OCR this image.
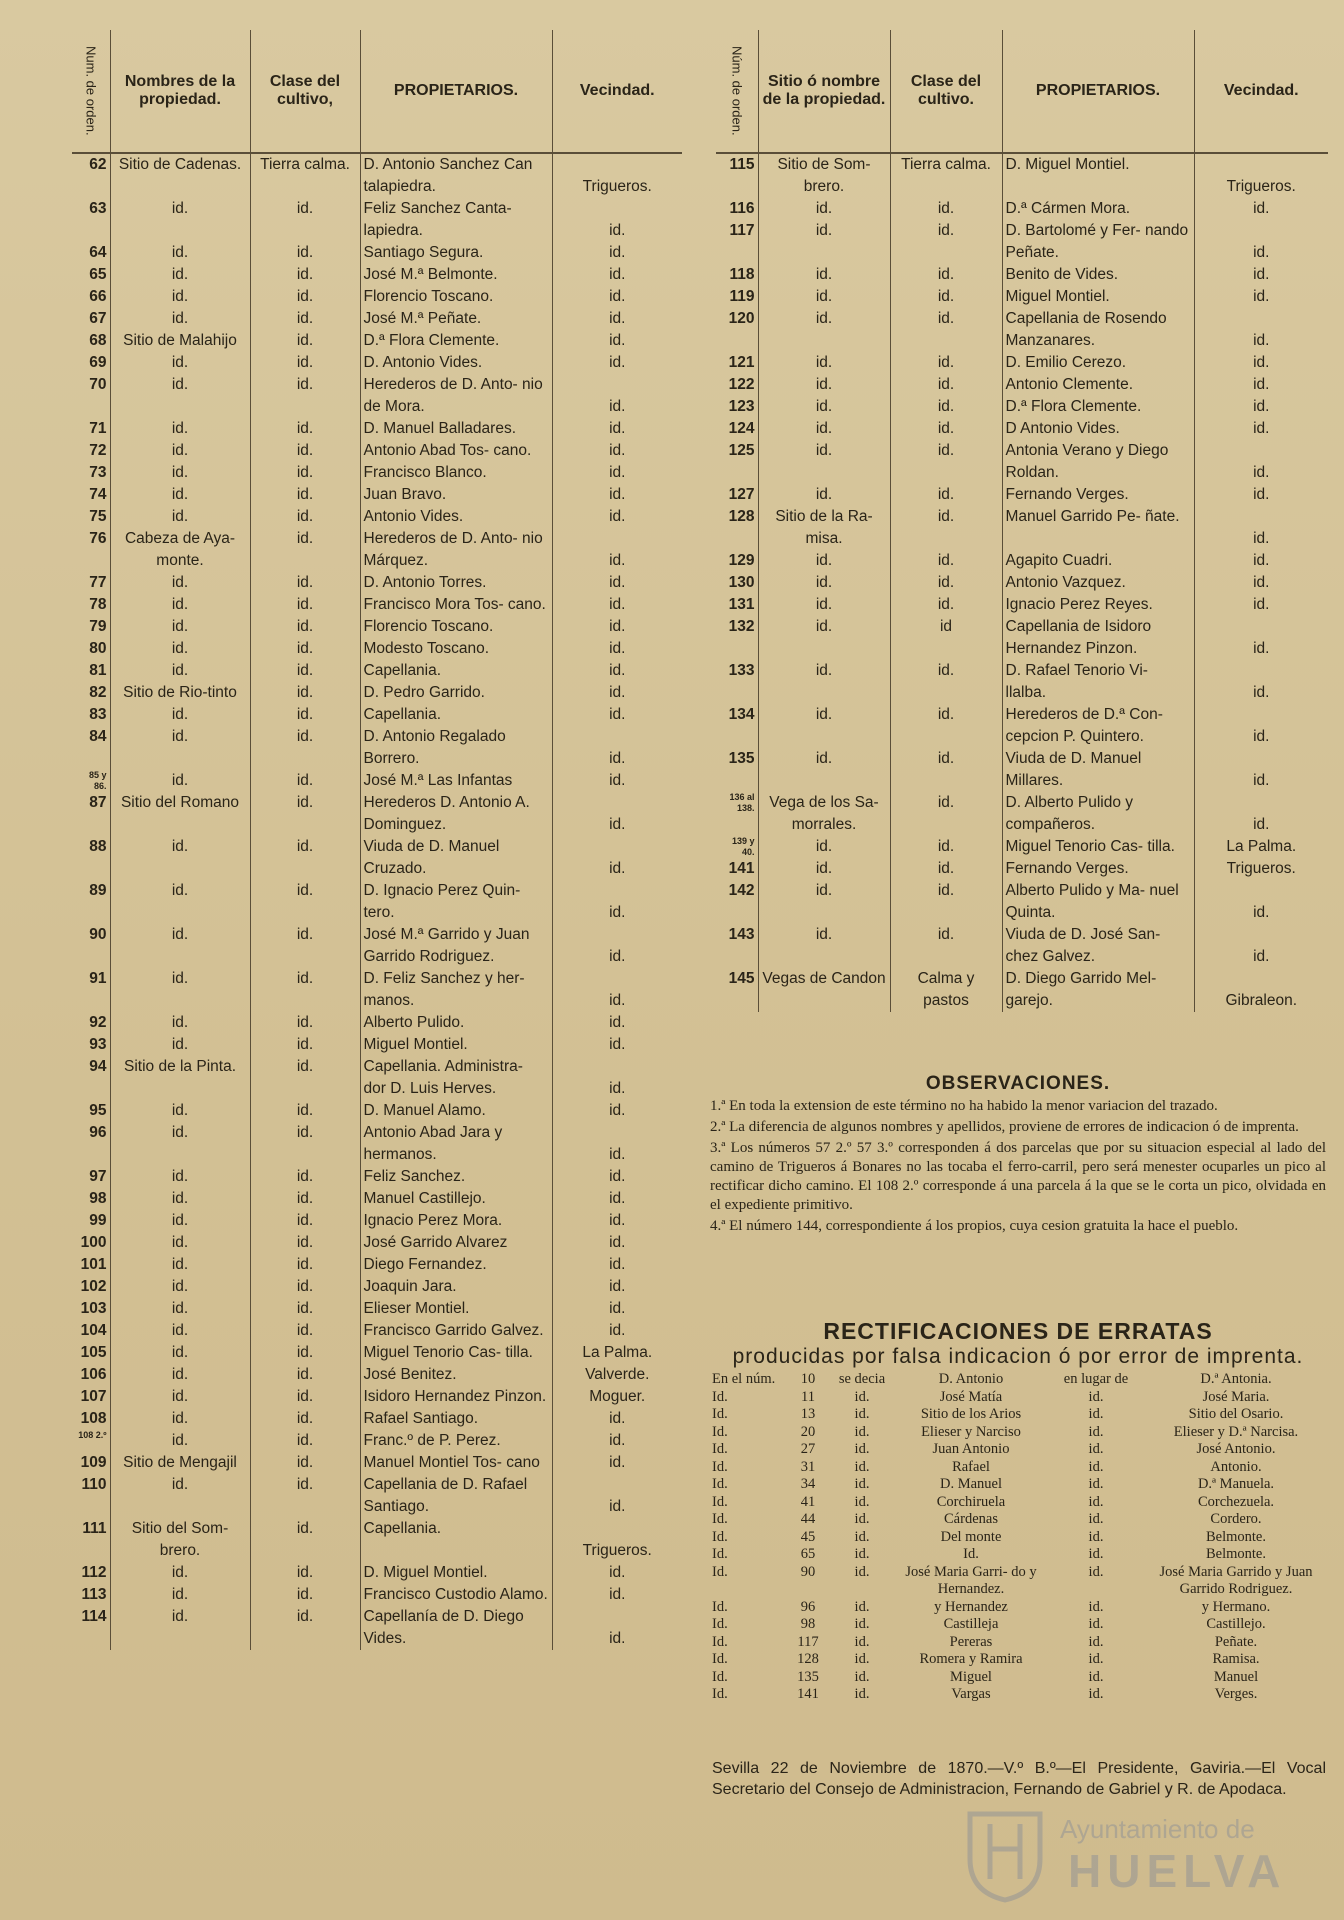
Num. de orden.	Nombres de la propiedad.	Clase del cultivo,	PROPIETARIOS.	Vecindad.
62	Sitio de Cadenas.	Tierra calma.	D. Antonio Sanchez Can talapiedra.	Trigueros.
63	id.	id.	Feliz Sanchez Canta- lapiedra.	id.
64	id.	id.	Santiago Segura.	id.
65	id.	id.	José M.ª Belmonte.	id.
66	id.	id.	Florencio Toscano.	id.
67	id.	id.	José M.ª Peñate.	id.
68	Sitio de Malahijo	id.	D.ª Flora Clemente.	id.
69	id.	id.	D. Antonio Vides.	id.
70	id.	id.	Herederos de D. Anto- nio de Mora.	id.
71	id.	id.	D. Manuel Balladares.	id.
72	id.	id.	Antonio Abad Tos- cano.	id.
73	id.	id.	Francisco Blanco.	id.
74	id.	id.	Juan Bravo.	id.
75	id.	id.	Antonio Vides.	id.
76	Cabeza de Aya- monte.	id.	Herederos de D. Anto- nio Márquez.	id.
77	id.	id.	D. Antonio Torres.	id.
78	id.	id.	Francisco Mora Tos- cano.	id.
79	id.	id.	Florencio Toscano.	id.
80	id.	id.	Modesto Toscano.	id.
81	id.	id.	Capellania.	id.
82	Sitio de Rio-tinto	id.	D. Pedro Garrido.	id.
83	id.	id.	Capellania.	id.
84	id.	id.	D. Antonio Regalado Borrero.	id.
85 y 86.	id.	id.	José M.ª Las Infantas	id.
87	Sitio del Romano	id.	Herederos D. Antonio A. Dominguez.	id.
88	id.	id.	Viuda de D. Manuel Cruzado.	id.
89	id.	id.	D. Ignacio Perez Quin- tero.	id.
90	id.	id.	José M.ª Garrido y Juan Garrido Rodriguez.	id.
91	id.	id.	D. Feliz Sanchez y her- manos.	id.
92	id.	id.	Alberto Pulido.	id.
93	id.	id.	Miguel Montiel.	id.
94	Sitio de la Pinta.	id.	Capellania. Administra- dor D. Luis Herves.	id.
95	id.	id.	D. Manuel Alamo.	id.
96	id.	id.	Antonio Abad Jara y hermanos.	id.
97	id.	id.	Feliz Sanchez.	id.
98	id.	id.	Manuel Castillejo.	id.
99	id.	id.	Ignacio Perez Mora.	id.
100	id.	id.	José Garrido Alvarez	id.
101	id.	id.	Diego Fernandez.	id.
102	id.	id.	Joaquin Jara.	id.
103	id.	id.	Elieser Montiel.	id.
104	id.	id.	Francisco Garrido Galvez.	id.
105	id.	id.	Miguel Tenorio Cas- tilla.	La Palma.
106	id.	id.	José Benitez.	Valverde.
107	id.	id.	Isidoro Hernandez Pinzon.	Moguer.
108	id.	id.	Rafael Santiago.	id.
108 2.º	id.	id.	Franc.º de P. Perez.	id.
109	Sitio de Mengajil	id.	Manuel Montiel Tos- cano	id.
110	id.	id.	Capellania de D. Rafael Santiago.	id.
111	Sitio del Som- brero.	id.	Capellania.	Trigueros.
112	id.	id.	D. Miguel Montiel.	id.
113	id.	id.	Francisco Custodio Alamo.	id.
114	id.	id.	Capellanía de D. Diego Vides.	id.
Núm. de orden.	Sitio ó nombre de la propiedad.	Clase del cultivo.	PROPIETARIOS.	Vecindad.
115	Sitio de Som- brero.	Tierra calma.	D. Miguel Montiel.	Trigueros.
116	id.	id.	D.ª Cármen Mora.	id.
117	id.	id.	D. Bartolomé y Fer- nando Peñate.	id.
118	id.	id.	Benito de Vides.	id.
119	id.	id.	Miguel Montiel.	id.
120	id.	id.	Capellania de Rosendo Manzanares.	id.
121	id.	id.	D. Emilio Cerezo.	id.
122	id.	id.	Antonio Clemente.	id.
123	id.	id.	D.ª Flora Clemente.	id.
124	id.	id.	D Antonio Vides.	id.
125	id.	id.	Antonia Verano y Diego Roldan.	id.
127	id.	id.	Fernando Verges.	id.
128	Sitio de la Ra- misa.	id.	Manuel Garrido Pe- ñate.	id.
129	id.	id.	Agapito Cuadri.	id.
130	id.	id.	Antonio Vazquez.	id.
131	id.	id.	Ignacio Perez Reyes.	id.
132	id.	id	Capellania de Isidoro Hernandez Pinzon.	id.
133	id.	id.	D. Rafael Tenorio Vi- llalba.	id.
134	id.	id.	Herederos de D.ª Con- cepcion P. Quintero.	id.
135	id.	id.	Viuda de D. Manuel Millares.	id.
136 al 138.	Vega de los Sa- morrales.	id.	D. Alberto Pulido y compañeros.	id.
139 y 40.	id.	id.	Miguel Tenorio Cas- tilla.	La Palma.
141	id.	id.	Fernando Verges.	Trigueros.
142	id.	id.	Alberto Pulido y Ma- nuel Quinta.	id.
143	id.	id.	Viuda de D. José San- chez Galvez.	id.
145	Vegas de Candon	Calma y pastos	D. Diego Garrido Mel- garejo.	Gibraleon.
OBSERVACIONES.

1.ª En toda la extension de este término no ha habido la menor variacion del trazado.

2.ª La diferencia de algunos nombres y apellidos, proviene de errores de indicacion ó de imprenta.

3.ª Los números 57 2.º 57 3.º corresponden á dos parcelas que por su situacion especial al lado del camino de Trigueros á Bonares no las tocaba el ferro-carril, pero será menester ocuparles un pico al rectificar dicho camino. El 108 2.º corresponde á una parcela á la que se le corta un pico, olvidada en el expediente primitivo.

4.ª El número 144, correspondiente á los propios, cuya cesion gratuita la hace el pueblo.

RECTIFICACIONES DE ERRATAS
producidas por falsa indicacion ó por error de imprenta.
En el núm.	10	se decia	D. Antonio	en lugar de	D.ª Antonia.
Id.	11	id.	José Matía	id.	José Maria.
Id.	13	id.	Sitio de los Arios	id.	Sitio del Osario.
Id.	20	id.	Elieser y Narciso	id.	Elieser y D.ª Narcisa.
Id.	27	id.	Juan Antonio	id.	José Antonio.
Id.	31	id.	Rafael	id.	Antonio.
Id.	34	id.	D. Manuel	id.	D.ª Manuela.
Id.	41	id.	Corchiruela	id.	Corchezuela.
Id.	44	id.	Cárdenas	id.	Cordero.
Id.	45	id.	Del monte	id.	Belmonte.
Id.	65	id.	Id.	id.	Belmonte.
Id.	90	id.	José Maria Garri- do y Hernandez.	id.	José Maria Garrido y Juan Garrido Rodriguez.
Id.	96	id.	y Hernandez	id.	y Hermano.
Id.	98	id.	Castilleja	id.	Castillejo.
Id.	117	id.	Pereras	id.	Peñate.
Id.	128	id.	Romera y Ramira	id.	Ramisa.
Id.	135	id.	Miguel	id.	Manuel
Id.	141	id.	Vargas	id.	Verges.
Sevilla 22 de Noviembre de 1870.—V.º B.º—El Presidente, Gaviria.—El Vocal Secretario del Consejo de Administracion, Fernando de Gabriel y R. de Apodaca.
Ayuntamiento de
HUELVA
